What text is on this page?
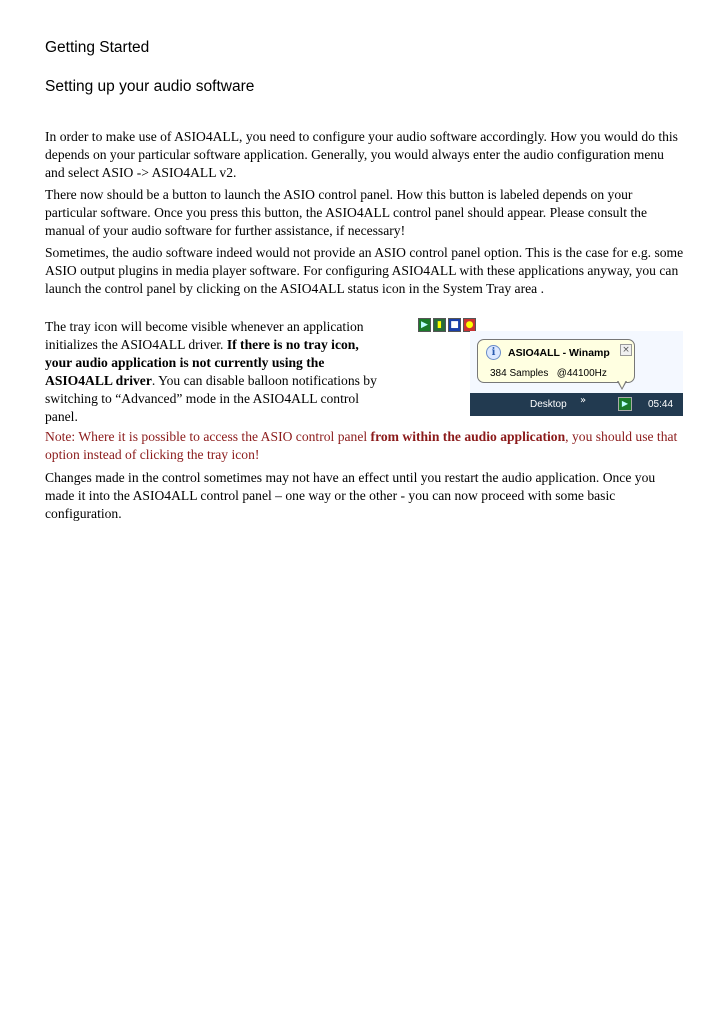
Getting Started

Setting up your audio software

In order to make use of ASIO4ALL, you need to configure your audio software accordingly. How you would do this depends on your particular software application. Generally, you would always enter the audio configuration menu and select ASIO -> ASIO4ALL v2.

There now should be a button to launch the ASIO control panel. How this button is labeled depends on your particular software. Once you press this button, the ASIO4ALL control panel should appear. Please consult the manual of your audio software for further assistance, if necessary!

Sometimes, the audio software indeed would not provide an ASIO control panel option. This is the case for e.g. some ASIO output plugins in media player software. For configuring ASIO4ALL with these applications anyway, you can launch the control panel by clicking on the ASIO4ALL status icon in the System Tray area .

The tray icon will become visible whenever an application initializes the ASIO4ALL driver. If there is no tray icon, your audio application is not currently using the ASIO4ALL driver. You can disable balloon notifications by switching to “Advanced” mode in the ASIO4ALL control panel.

Note: Where it is possible to access the ASIO control panel from within the audio application, you should use that option instead of clicking the tray icon!

Changes made in the control sometimes may not have an effect until you restart the audio application. Once you made it into the ASIO4ALL control panel – one way or the other - you can now proceed with some basic configuration.

▶	▮ ■ ●
i	ASIO4ALL - Winamp ×
384 Samples   @44100Hz
Desktop »	▶	05:44
